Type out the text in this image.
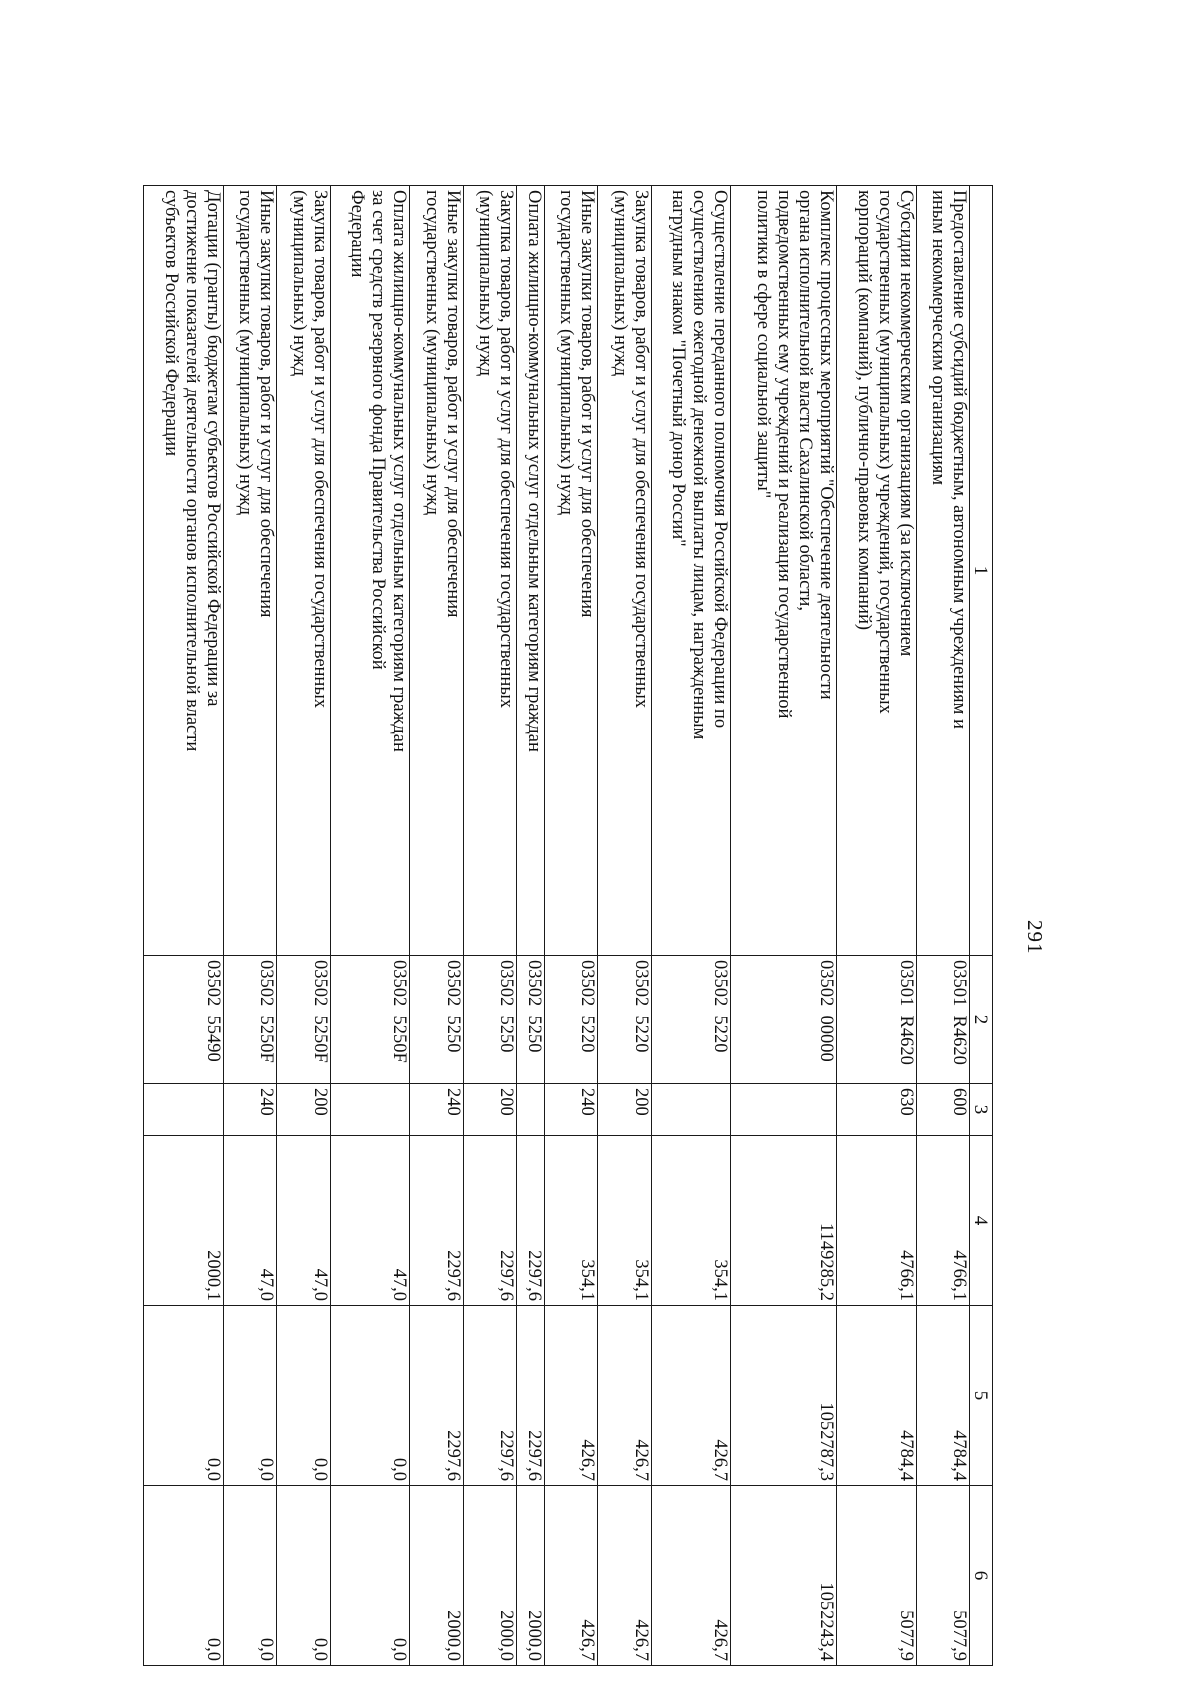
291
1	2	3	4	5	6

Предоставление субсидий бюджетным, автономным учреждениям и
иным некоммерческим организациям	03501  R4620	600	4766,1	4784,4	5077,9

Субсидии некоммерческим организациям (за исключением
государственных (муниципальных) учреждений, государственных
корпораций (компаний), публично-правовых компаний)	03501  R4620	630	4766,1	4784,4	5077,9

Комплекс процессных мероприятий "Обеспечение деятельности
органа исполнительной власти Сахалинской области,
подведомственных ему учреждений и реализация государственной
политики в сфере социальной защиты"	03502  00000		1149285,2	1052787,3	1052243,4

Осуществление переданного полномочия Российской Федерации по
осуществлению ежегодной денежной выплаты лицам, награжденным
нагрудным знаком "Почетный донор России"	03502  5220		354,1	426,7	426,7

Закупка товаров, работ и услуг для обеспечения государственных
(муниципальных) нужд	03502  5220	200	354,1	426,7	426,7

Иные закупки товаров, работ и услуг для обеспечения
государственных (муниципальных) нужд	03502  5220	240	354,1	426,7	426,7

Оплата жилищно-коммунальных услуг отдельным категориям граждан	03502  5250		2297,6	2297,6	2000,0

Закупка товаров, работ и услуг для обеспечения государственных
(муниципальных) нужд	03502  5250	200	2297,6	2297,6	2000,0

Иные закупки товаров, работ и услуг для обеспечения
государственных (муниципальных) нужд	03502  5250	240	2297,6	2297,6	2000,0

Оплата жилищно-коммунальных услуг отдельным категориям граждан
за счет средств резервного фонда Правительства Российской
Федерации	03502  5250F		47,0	0,0	0,0

Закупка товаров, работ и услуг для обеспечения государственных
(муниципальных) нужд	03502  5250F	200	47,0	0,0	0,0

Иные закупки товаров, работ и услуг для обеспечения
государственных (муниципальных) нужд	03502  5250F	240	47,0	0,0	0,0

Дотации (гранты) бюджетам субъектов Российской Федерации за
достижение показателей деятельности органов исполнительной власти
субъектов Российской Федерации	03502  55490		2000,1	0,0	0,0
